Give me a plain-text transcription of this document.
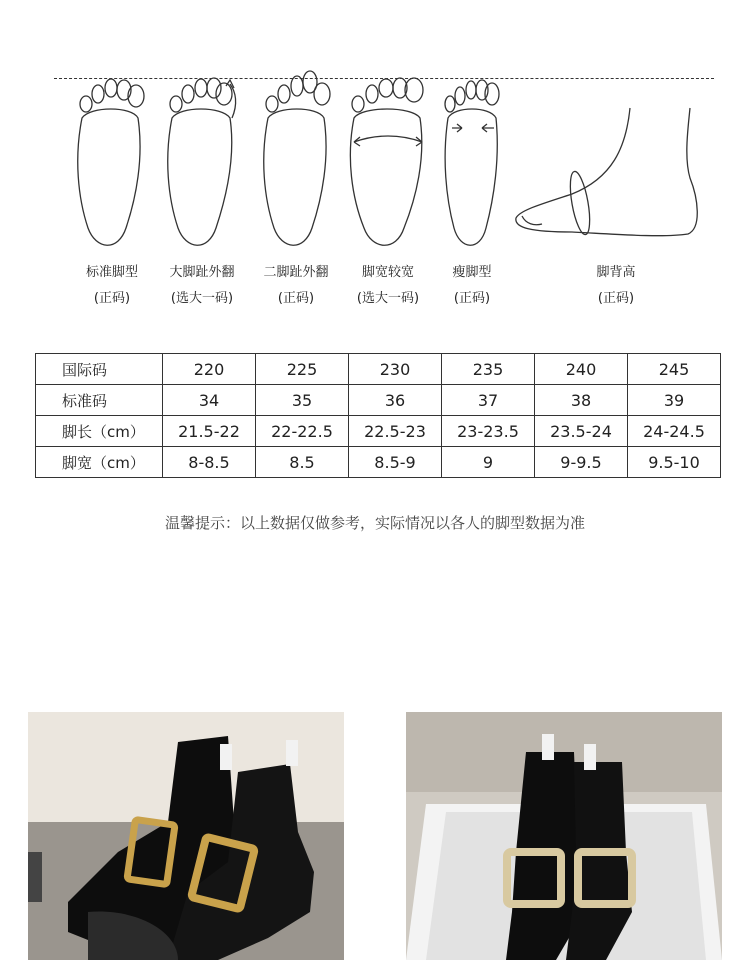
标准脚型
(正码)
大脚趾外翻
(选大一码)
二脚趾外翻
(正码)
脚宽较宽
(选大一码)
瘦脚型
(正码)
脚背高
(正码)
国际码	220	225	230	235	240	245
标准码	34	35	36	37	38	39
脚长（cm）	21.5-22	22-22.5	22.5-23	23-23.5	23.5-24	24-24.5
脚宽（cm）	8-8.5	8.5	8.5-9	9	9-9.5	9.5-10
温馨提示：以上数据仅做参考，实际情况以各人的脚型数据为准
